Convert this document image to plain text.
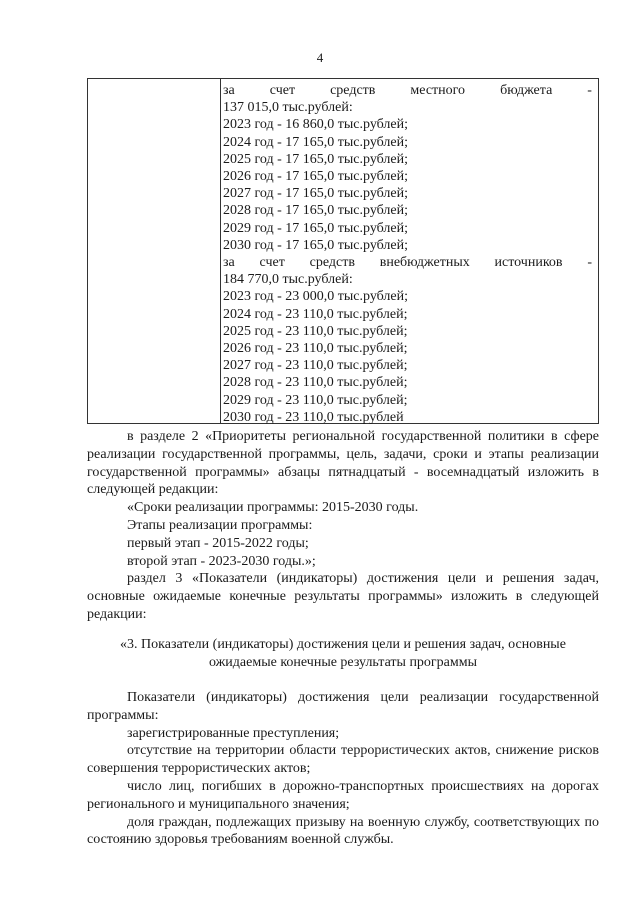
4
за	счет	средств	местного	бюджета	-
137 015,0 тыс.рублей:
2023 год - 16 860,0 тыс.рублей;
2024 год - 17 165,0 тыс.рублей;
2025 год - 17 165,0 тыс.рублей;
2026 год - 17 165,0 тыс.рублей;
2027 год - 17 165,0 тыс.рублей;
2028 год - 17 165,0 тыс.рублей;
2029 год - 17 165,0 тыс.рублей;
2030 год - 17 165,0 тыс.рублей;
за счет средств внебюджетных источников -
184 770,0 тыс.рублей:
2023 год - 23 000,0 тыс.рублей;
2024 год - 23 110,0 тыс.рублей;
2025 год - 23 110,0 тыс.рублей;
2026 год - 23 110,0 тыс.рублей;
2027 год - 23 110,0 тыс.рублей;
2028 год - 23 110,0 тыс.рублей;
2029 год - 23 110,0 тыс.рублей;
2030 год - 23 110,0 тыс.рублей

в разделе 2 «Приоритеты региональной государственной политики в сфере реализации государственной программы, цель, задачи, сроки и этапы реализации государственной программы» абзацы пятнадцатый - восемнадцатый изложить в следующей редакции:

«Сроки реализации программы: 2015-2030 годы.

Этапы реализации программы:

первый этап - 2015-2022 годы;

второй этап - 2023-2030 годы.»;

раздел 3 «Показатели (индикаторы) достижения цели и решения задач, основные ожидаемые конечные результаты программы» изложить в следующей редакции:

«3. Показатели (индикаторы) достижения цели и решения задач, основные ожидаемые конечные результаты программы

Показатели (индикаторы) достижения цели реализации государственной программы:

зарегистрированные преступления;

отсутствие на территории области террористических актов, снижение рисков совершения террористических актов;

число лиц, погибших в дорожно-транспортных происшествиях на дорогах регионального и муниципального значения;

доля граждан, подлежащих призыву на военную службу, соответствующих по состоянию здоровья требованиям военной службы.
